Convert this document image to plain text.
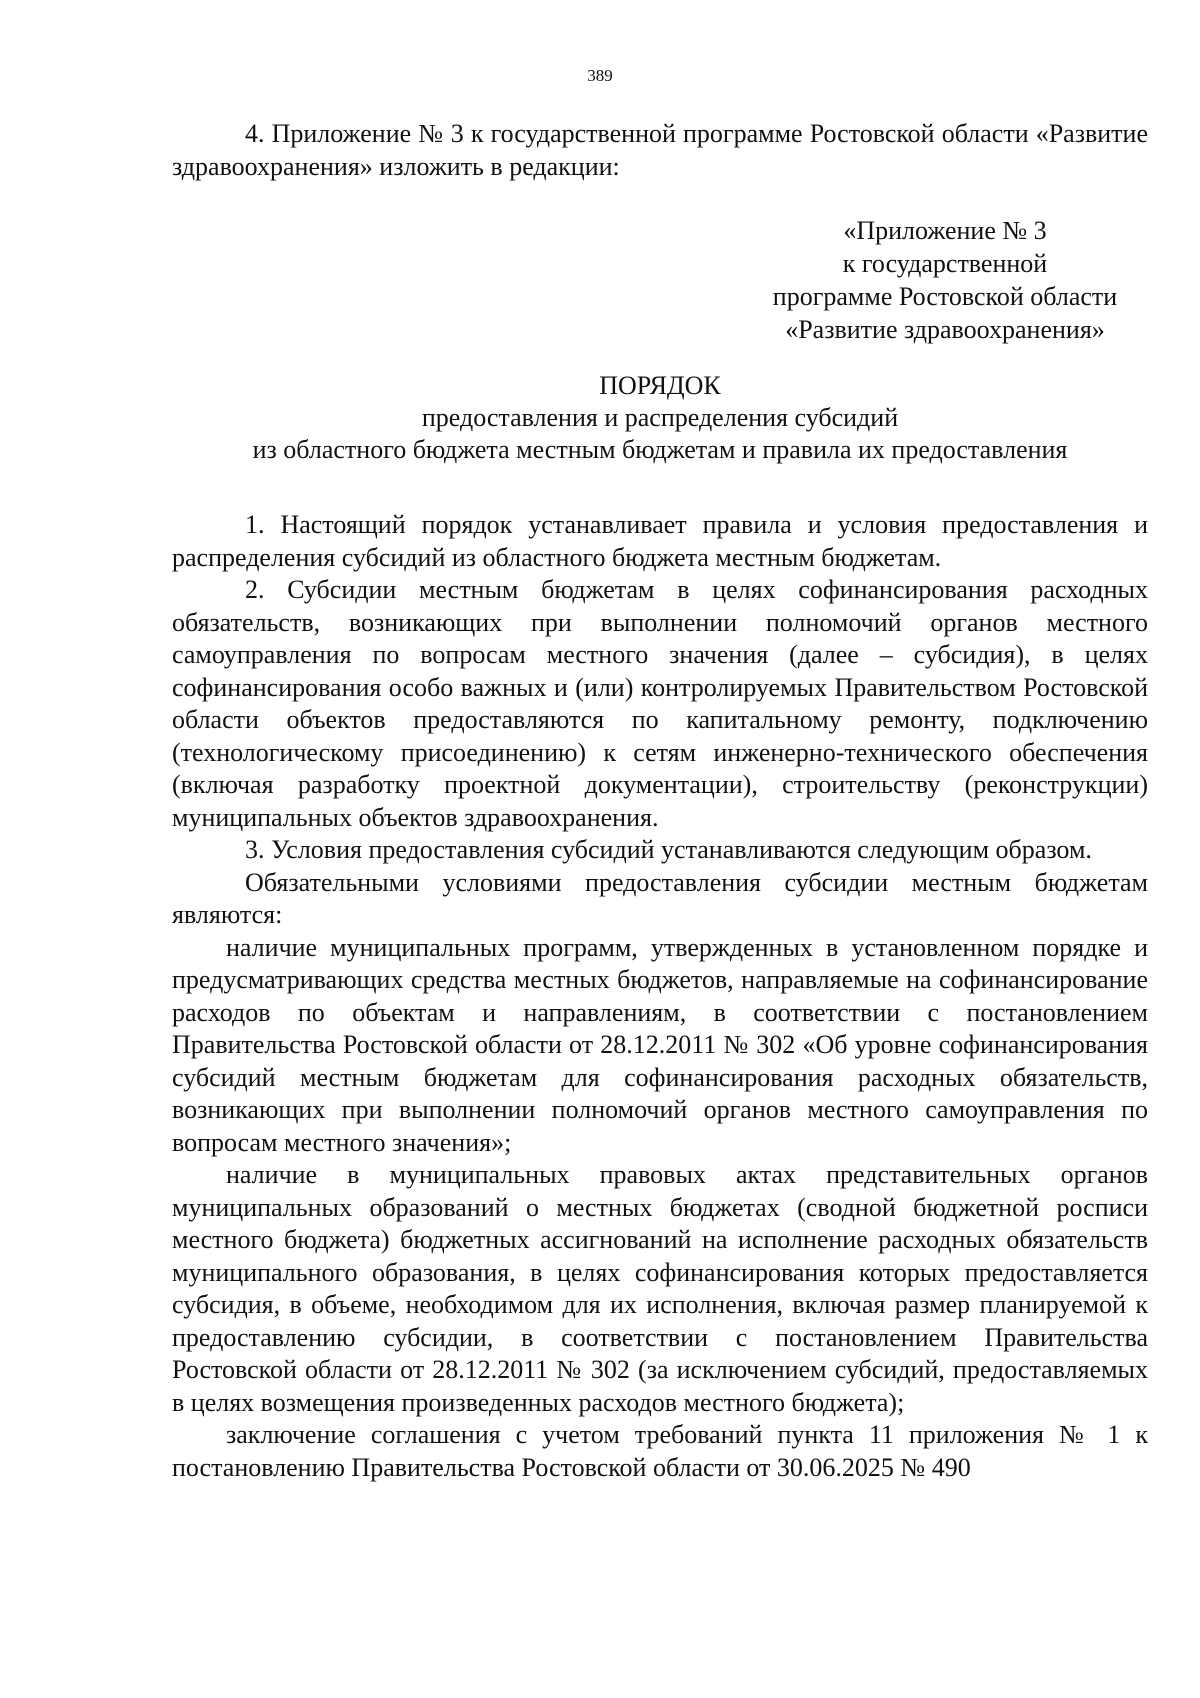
389

4. Приложение № 3 к государственной программе Ростовской области «Развитие здравоохранения» изложить в редакции:

«Приложение № 3
к государственной
программе Ростовской области
«Развитие здравоохранения»
ПОРЯДОК
предоставления и распределения субсидий
из областного бюджета местным бюджетам и правила их предоставления

1. Настоящий порядок устанавливает правила и условия предоставления и распределения субсидий из областного бюджета местным бюджетам.

2. Субсидии местным бюджетам в целях софинансирования расходных обязательств, возникающих при выполнении полномочий органов местного самоуправления по вопросам местного значения (далее – субсидия), в целях софинансирования особо важных и (или) контролируемых Правительством Ростовской области объектов предоставляются по капитальному ремонту, подключению (технологическому присоединению) к сетям инженерно-технического обеспечения (включая разработку проектной документации), строительству (реконструкции) муниципальных объектов здравоохранения.

3. Условия предоставления субсидий устанавливаются следующим образом.

Обязательными условиями предоставления субсидии местным бюджетам являются:

наличие муниципальных программ, утвержденных в установленном порядке и предусматривающих средства местных бюджетов, направляемые на софинансирование расходов по объектам и направлениям, в соответствии с постановлением Правительства Ростовской области от 28.12.2011 № 302 «Об уровне софинансирования субсидий местным бюджетам для софинансирования расходных обязательств, возникающих при выполнении полномочий органов местного самоуправления по вопросам местного значения»;

наличие в муниципальных правовых актах представительных органов муниципальных образований о местных бюджетах (сводной бюджетной росписи местного бюджета) бюджетных ассигнований на исполнение расходных обязательств муниципального образования, в целях софинансирования которых предоставляется субсидия, в объеме, необходимом для их исполнения, включая размер планируемой к предоставлению субсидии, в соответствии с постановлением Правительства Ростовской области от 28.12.2011 № 302 (за исключением субсидий, предоставляемых в целях возмещения произведенных расходов местного бюджета);

заключение соглашения с учетом требований пункта 11 приложения № 1 к постановлению Правительства Ростовской области от 30.06.2025 № 490
